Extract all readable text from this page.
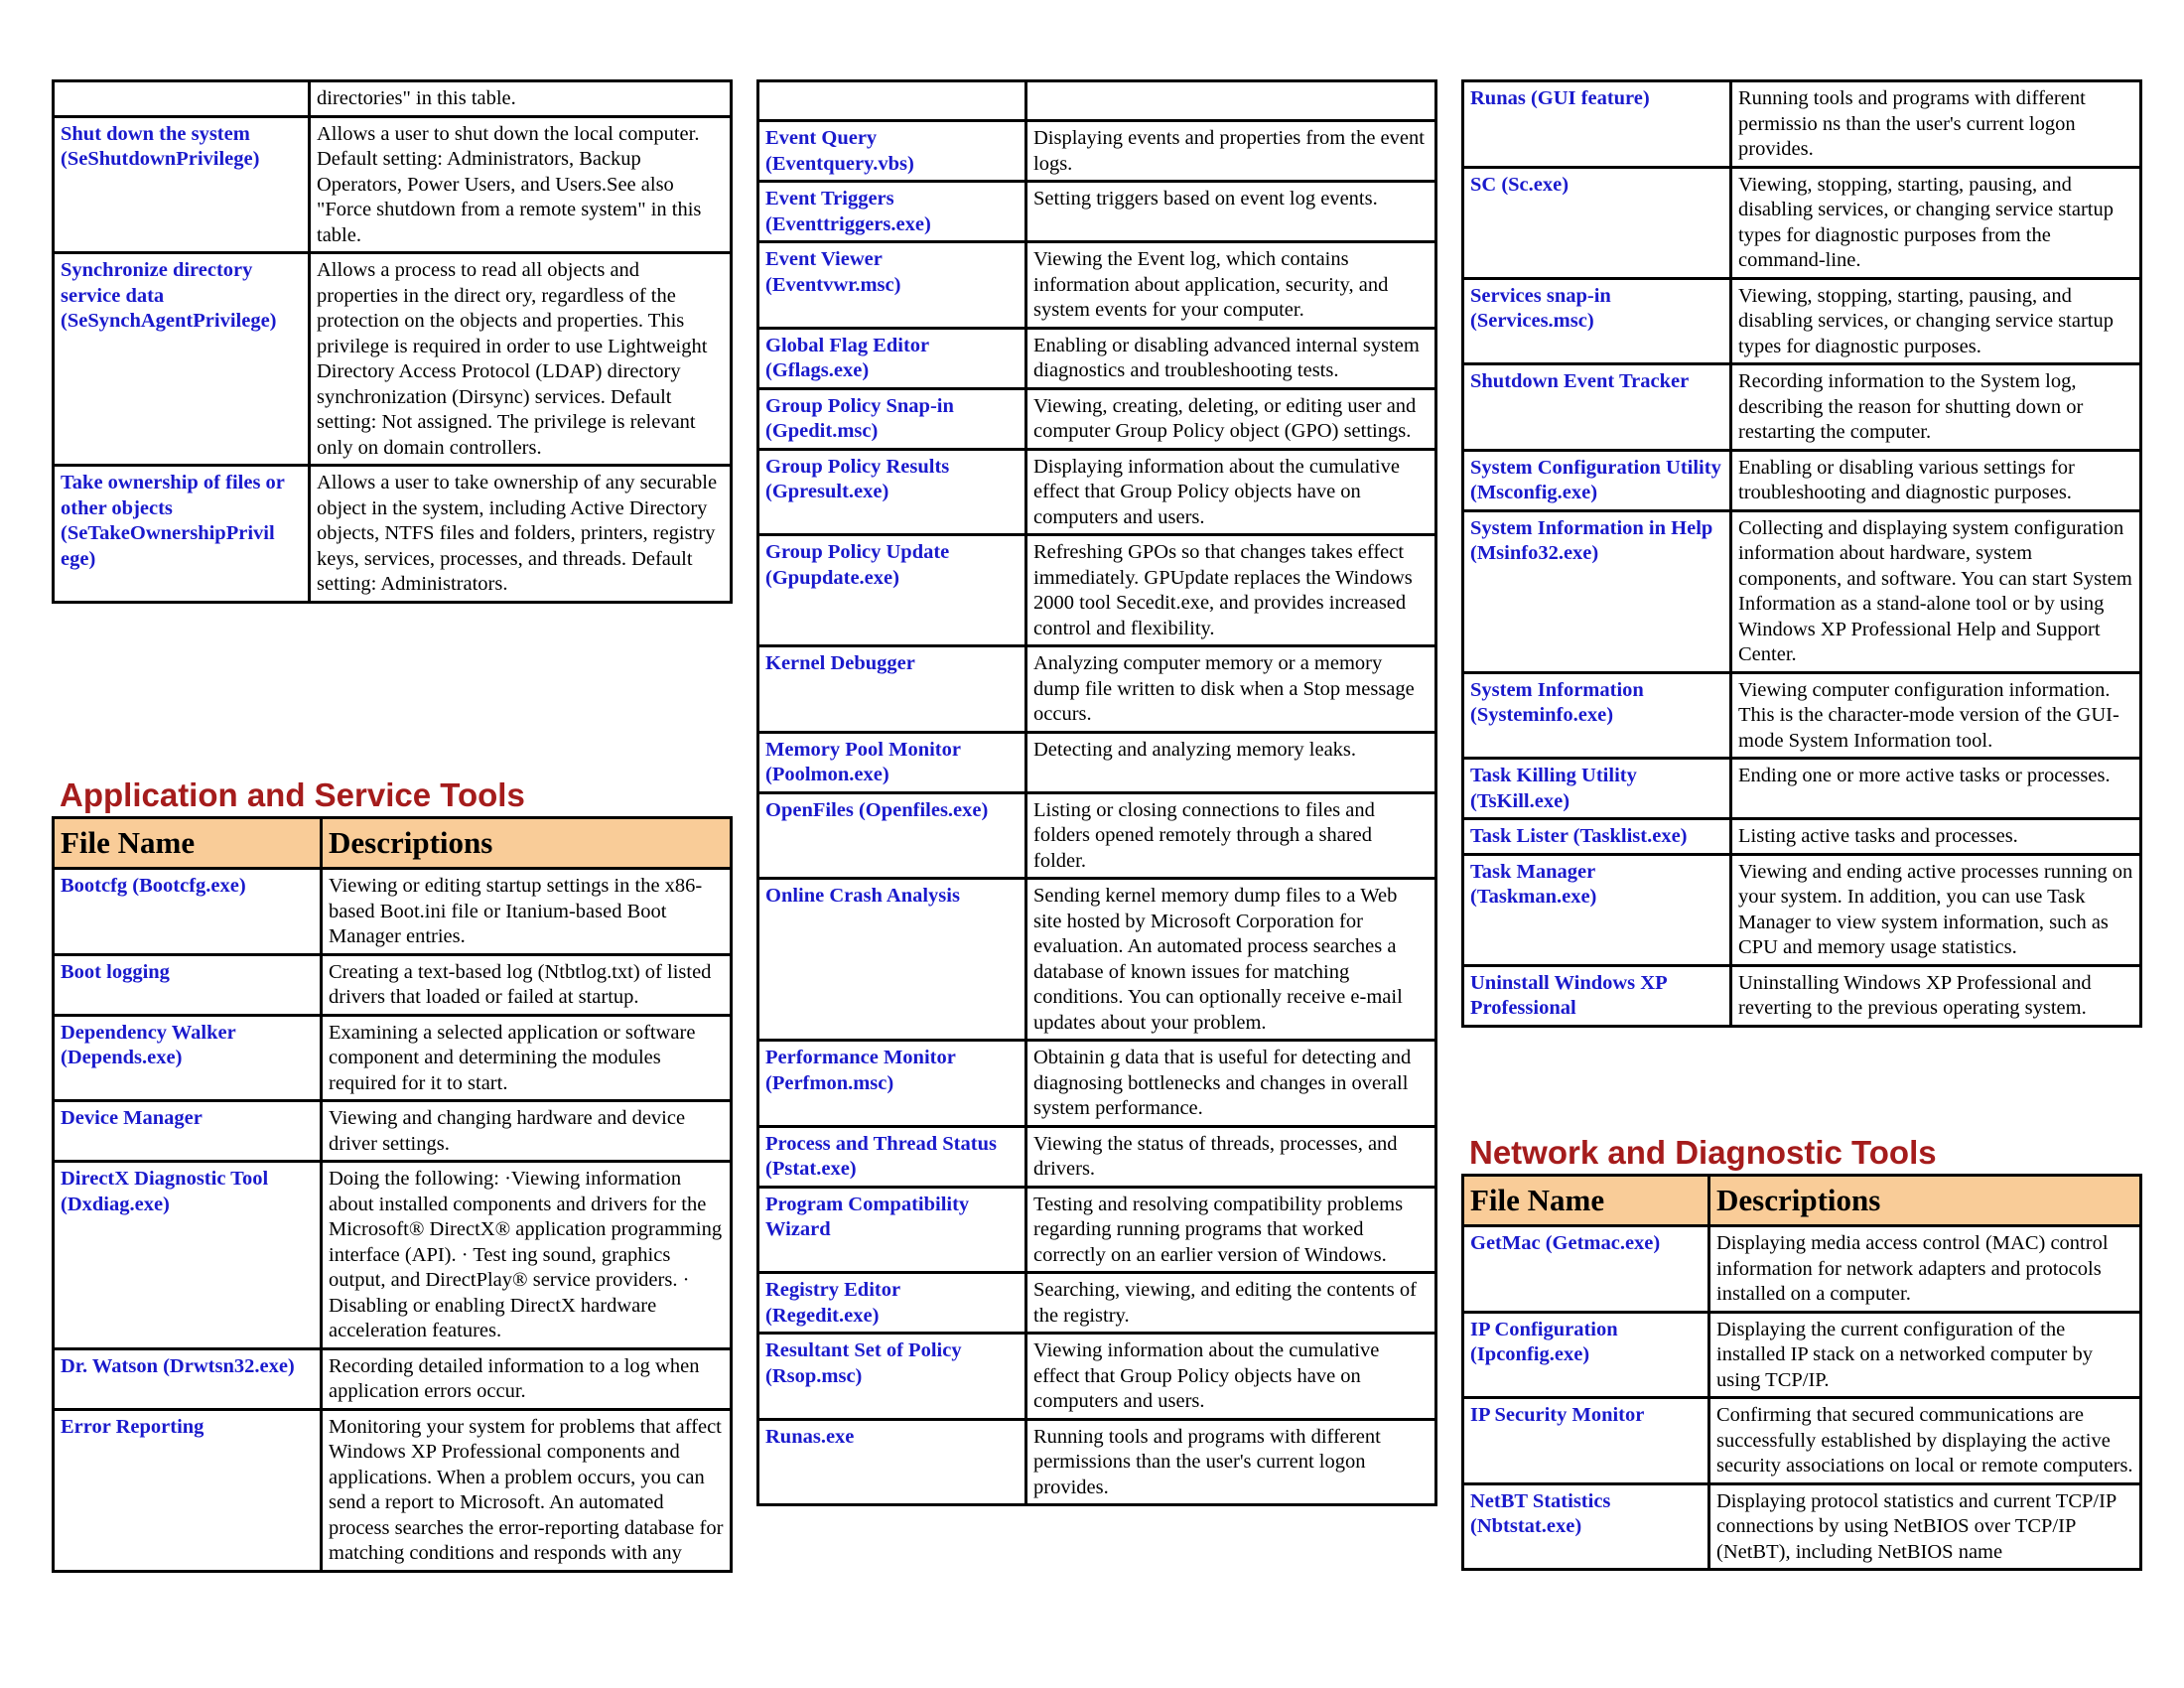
	directories" in this table.
Shut down the system (SeShutdownPrivilege)	Allows a user to shut down the local computer. Default setting: Administrators, Backup Operators, Power Users, and Users.See also "Force shutdown from a remote system" in this table.
Synchronize directory service data (SeSynchAgentPrivilege)	Allows a process to read all objects and properties in the direct ory, regardless of the protection on the objects and properties. This privilege is required in order to use Lightweight Directory Access Protocol (LDAP) directory synchronization (Dirsync) services. Default setting: Not assigned. The privilege is relevant only on domain controllers.
Take ownership of files or other objects (SeTakeOwnershipPrivil ege)	Allows a user to take ownership of any securable object in the system, including Active Directory objects, NTFS files and folders, printers, registry keys, services, processes, and threads. Default setting: Administrators.
Application and Service Tools
File Name	Descriptions
Bootcfg (Bootcfg.exe)	Viewing or editing startup settings in the x86-based Boot.ini file or Itanium-based Boot Manager entries.
Boot logging	Creating a text-based log (Ntbtlog.txt) of listed drivers that loaded or failed at startup.
Dependency Walker (Depends.exe)	Examining a selected application or software component and determining the modules required for it to start.
Device Manager	Viewing and changing hardware and device driver settings.
DirectX Diagnostic Tool (Dxdiag.exe)	Doing the following: ·Viewing information about installed components and drivers for the Microsoft® DirectX® application programming interface (API). · Test ing sound, graphics output, and DirectPlay® service providers. · Disabling or enabling DirectX hardware acceleration features.
Dr. Watson (Drwtsn32.exe)	Recording detailed information to a log when application errors occur.
Error Reporting	Monitoring your system for problems that affect Windows XP Professional components and applications. When a problem occurs, you can send a report to Microsoft. An automated process searches the error-reporting database for matching conditions and responds with any

Event Query (Eventquery.vbs)	Displaying events and properties from the event logs.
Event Triggers (Eventtriggers.exe)	Setting triggers based on event log events.
Event Viewer (Eventvwr.msc)	Viewing the Event log, which contains information about application, security, and system events for your computer.
Global Flag Editor (Gflags.exe)	Enabling or disabling advanced internal system diagnostics and troubleshooting tests.
Group Policy Snap-in (Gpedit.msc)	Viewing, creating, deleting, or editing user and computer Group Policy object (GPO) settings.
Group Policy Results (Gpresult.exe)	Displaying information about the cumulative effect that Group Policy objects have on computers and users.
Group Policy Update (Gpupdate.exe)	Refreshing GPOs so that changes takes effect immediately. GPUpdate replaces the Windows 2000 tool Secedit.exe, and provides increased control and flexibility.
Kernel Debugger	Analyzing computer memory or a memory dump file written to disk when a Stop message occurs.
Memory Pool Monitor (Poolmon.exe)	Detecting and analyzing memory leaks.
OpenFiles (Openfiles.exe)	Listing or closing connections to files and folders opened remotely through a shared folder.
Online Crash Analysis	Sending kernel memory dump files to a Web site hosted by Microsoft Corporation for evaluation. An automated process searches a database of known issues for matching conditions. You can optionally receive e-mail updates about your problem.
Performance Monitor (Perfmon.msc)	Obtainin g data that is useful for detecting and diagnosing bottlenecks and changes in overall system performance.
Process and Thread Status (Pstat.exe)	Viewing the status of threads, processes, and drivers.
Program Compatibility Wizard	Testing and resolving compatibility problems regarding running programs that worked correctly on an earlier version of Windows.
Registry Editor (Regedit.exe)	Searching, viewing, and editing the contents of the registry.
Resultant Set of Policy (Rsop.msc)	Viewing information about the cumulative effect that Group Policy objects have on computers and users.
Runas.exe	Running tools and programs with different permissions than the user's current logon provides.
Runas (GUI feature)	Running tools and programs with different permissio ns than the user's current logon provides.
SC (Sc.exe)	Viewing, stopping, starting, pausing, and disabling services, or changing service startup types for diagnostic purposes from the command-line.
Services snap-in (Services.msc)	Viewing, stopping, starting, pausing, and disabling services, or changing service startup types for diagnostic purposes.
Shutdown Event Tracker	Recording information to the System log, describing the reason for shutting down or restarting the computer.
System Configuration Utility (Msconfig.exe)	Enabling or disabling various settings for troubleshooting and diagnostic purposes.
System Information in Help (Msinfo32.exe)	Collecting and displaying system configuration information about hardware, system components, and software. You can start System Information as a stand-alone tool or by using Windows XP Professional Help and Support Center.
System Information (Systeminfo.exe)	Viewing computer configuration information. This is the character-mode version of the GUI-mode System Information tool.
Task Killing Utility (TsKill.exe)	Ending one or more active tasks or processes.
Task Lister (Tasklist.exe)	Listing active tasks and processes.
Task Manager (Taskman.exe)	Viewing and ending active processes running on your system. In addition, you can use Task Manager to view system information, such as CPU and memory usage statistics.
Uninstall Windows XP Professional	Uninstalling Windows XP Professional and reverting to the previous operating system.
Network and Diagnostic Tools
File Name	Descriptions
GetMac (Getmac.exe)	Displaying media access control (MAC) control information for network adapters and protocols installed on a computer.
IP Configuration (Ipconfig.exe)	Displaying the current configuration of the installed IP stack on a networked computer by using TCP/IP.
IP Security Monitor	Confirming that secured communications are successfully established by displaying the active security associations on local or remote computers.
NetBT Statistics (Nbtstat.exe)	Displaying protocol statistics and current TCP/IP connections by using NetBIOS over TCP/IP (NetBT), including NetBIOS name
